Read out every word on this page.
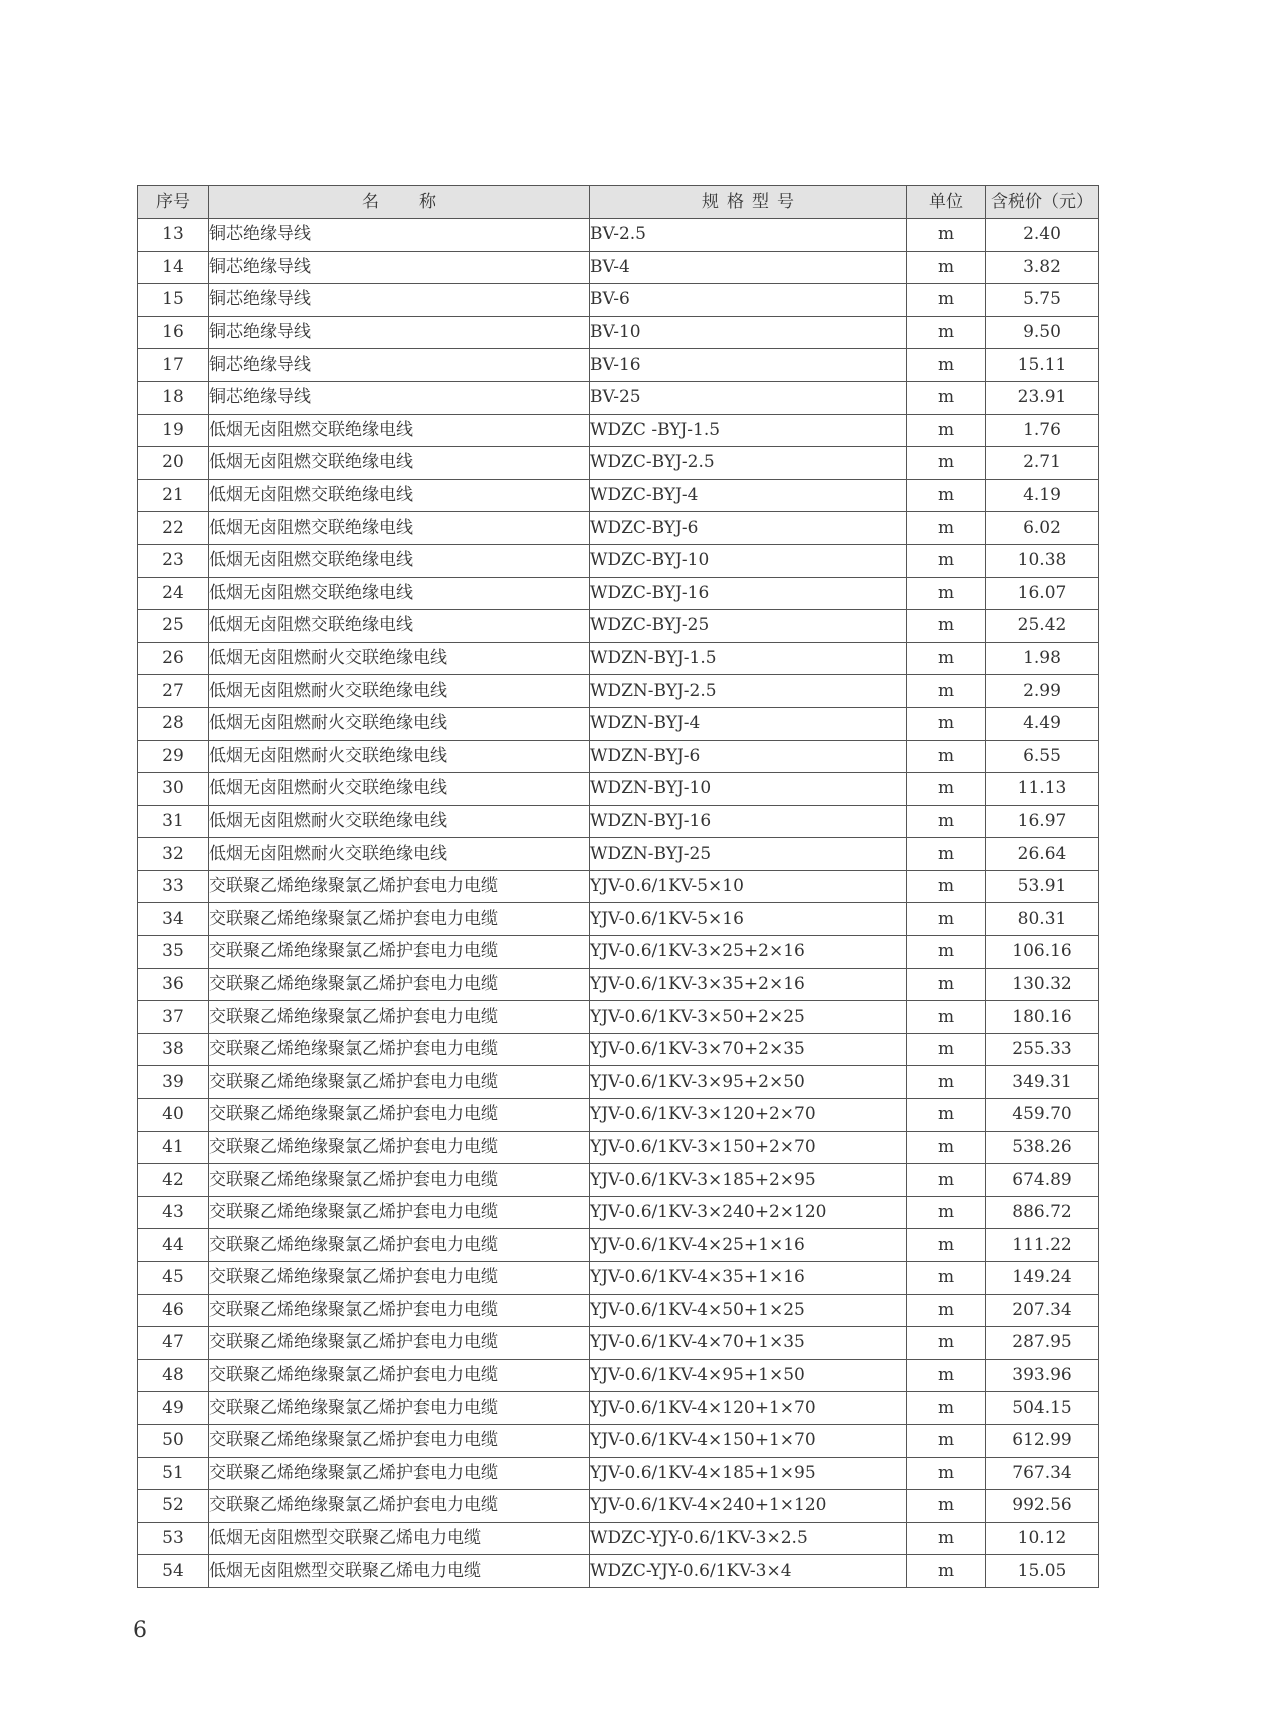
序号	名称	规格型号	单位	含税价（元）
13	铜芯绝缘导线	BV-2.5	m	2.40
14	铜芯绝缘导线	BV-4	m	3.82
15	铜芯绝缘导线	BV-6	m	5.75
16	铜芯绝缘导线	BV-10	m	9.50
17	铜芯绝缘导线	BV-16	m	15.11
18	铜芯绝缘导线	BV-25	m	23.91
19	低烟无卤阻燃交联绝缘电线	WDZC -BYJ-1.5	m	1.76
20	低烟无卤阻燃交联绝缘电线	WDZC-BYJ-2.5	m	2.71
21	低烟无卤阻燃交联绝缘电线	WDZC-BYJ-4	m	4.19
22	低烟无卤阻燃交联绝缘电线	WDZC-BYJ-6	m	6.02
23	低烟无卤阻燃交联绝缘电线	WDZC-BYJ-10	m	10.38
24	低烟无卤阻燃交联绝缘电线	WDZC-BYJ-16	m	16.07
25	低烟无卤阻燃交联绝缘电线	WDZC-BYJ-25	m	25.42
26	低烟无卤阻燃耐火交联绝缘电线	WDZN-BYJ-1.5	m	1.98
27	低烟无卤阻燃耐火交联绝缘电线	WDZN-BYJ-2.5	m	2.99
28	低烟无卤阻燃耐火交联绝缘电线	WDZN-BYJ-4	m	4.49
29	低烟无卤阻燃耐火交联绝缘电线	WDZN-BYJ-6	m	6.55
30	低烟无卤阻燃耐火交联绝缘电线	WDZN-BYJ-10	m	11.13
31	低烟无卤阻燃耐火交联绝缘电线	WDZN-BYJ-16	m	16.97
32	低烟无卤阻燃耐火交联绝缘电线	WDZN-BYJ-25	m	26.64
33	交联聚乙烯绝缘聚氯乙烯护套电力电缆	YJV-0.6/1KV-5×10	m	53.91
34	交联聚乙烯绝缘聚氯乙烯护套电力电缆	YJV-0.6/1KV-5×16	m	80.31
35	交联聚乙烯绝缘聚氯乙烯护套电力电缆	YJV-0.6/1KV-3×25+2×16	m	106.16
36	交联聚乙烯绝缘聚氯乙烯护套电力电缆	YJV-0.6/1KV-3×35+2×16	m	130.32
37	交联聚乙烯绝缘聚氯乙烯护套电力电缆	YJV-0.6/1KV-3×50+2×25	m	180.16
38	交联聚乙烯绝缘聚氯乙烯护套电力电缆	YJV-0.6/1KV-3×70+2×35	m	255.33
39	交联聚乙烯绝缘聚氯乙烯护套电力电缆	YJV-0.6/1KV-3×95+2×50	m	349.31
40	交联聚乙烯绝缘聚氯乙烯护套电力电缆	YJV-0.6/1KV-3×120+2×70	m	459.70
41	交联聚乙烯绝缘聚氯乙烯护套电力电缆	YJV-0.6/1KV-3×150+2×70	m	538.26
42	交联聚乙烯绝缘聚氯乙烯护套电力电缆	YJV-0.6/1KV-3×185+2×95	m	674.89
43	交联聚乙烯绝缘聚氯乙烯护套电力电缆	YJV-0.6/1KV-3×240+2×120	m	886.72
44	交联聚乙烯绝缘聚氯乙烯护套电力电缆	YJV-0.6/1KV-4×25+1×16	m	111.22
45	交联聚乙烯绝缘聚氯乙烯护套电力电缆	YJV-0.6/1KV-4×35+1×16	m	149.24
46	交联聚乙烯绝缘聚氯乙烯护套电力电缆	YJV-0.6/1KV-4×50+1×25	m	207.34
47	交联聚乙烯绝缘聚氯乙烯护套电力电缆	YJV-0.6/1KV-4×70+1×35	m	287.95
48	交联聚乙烯绝缘聚氯乙烯护套电力电缆	YJV-0.6/1KV-4×95+1×50	m	393.96
49	交联聚乙烯绝缘聚氯乙烯护套电力电缆	YJV-0.6/1KV-4×120+1×70	m	504.15
50	交联聚乙烯绝缘聚氯乙烯护套电力电缆	YJV-0.6/1KV-4×150+1×70	m	612.99
51	交联聚乙烯绝缘聚氯乙烯护套电力电缆	YJV-0.6/1KV-4×185+1×95	m	767.34
52	交联聚乙烯绝缘聚氯乙烯护套电力电缆	YJV-0.6/1KV-4×240+1×120	m	992.56
53	低烟无卤阻燃型交联聚乙烯电力电缆	WDZC-YJY-0.6/1KV-3×2.5	m	10.12
54	低烟无卤阻燃型交联聚乙烯电力电缆	WDZC-YJY-0.6/1KV-3×4	m	15.05
6
